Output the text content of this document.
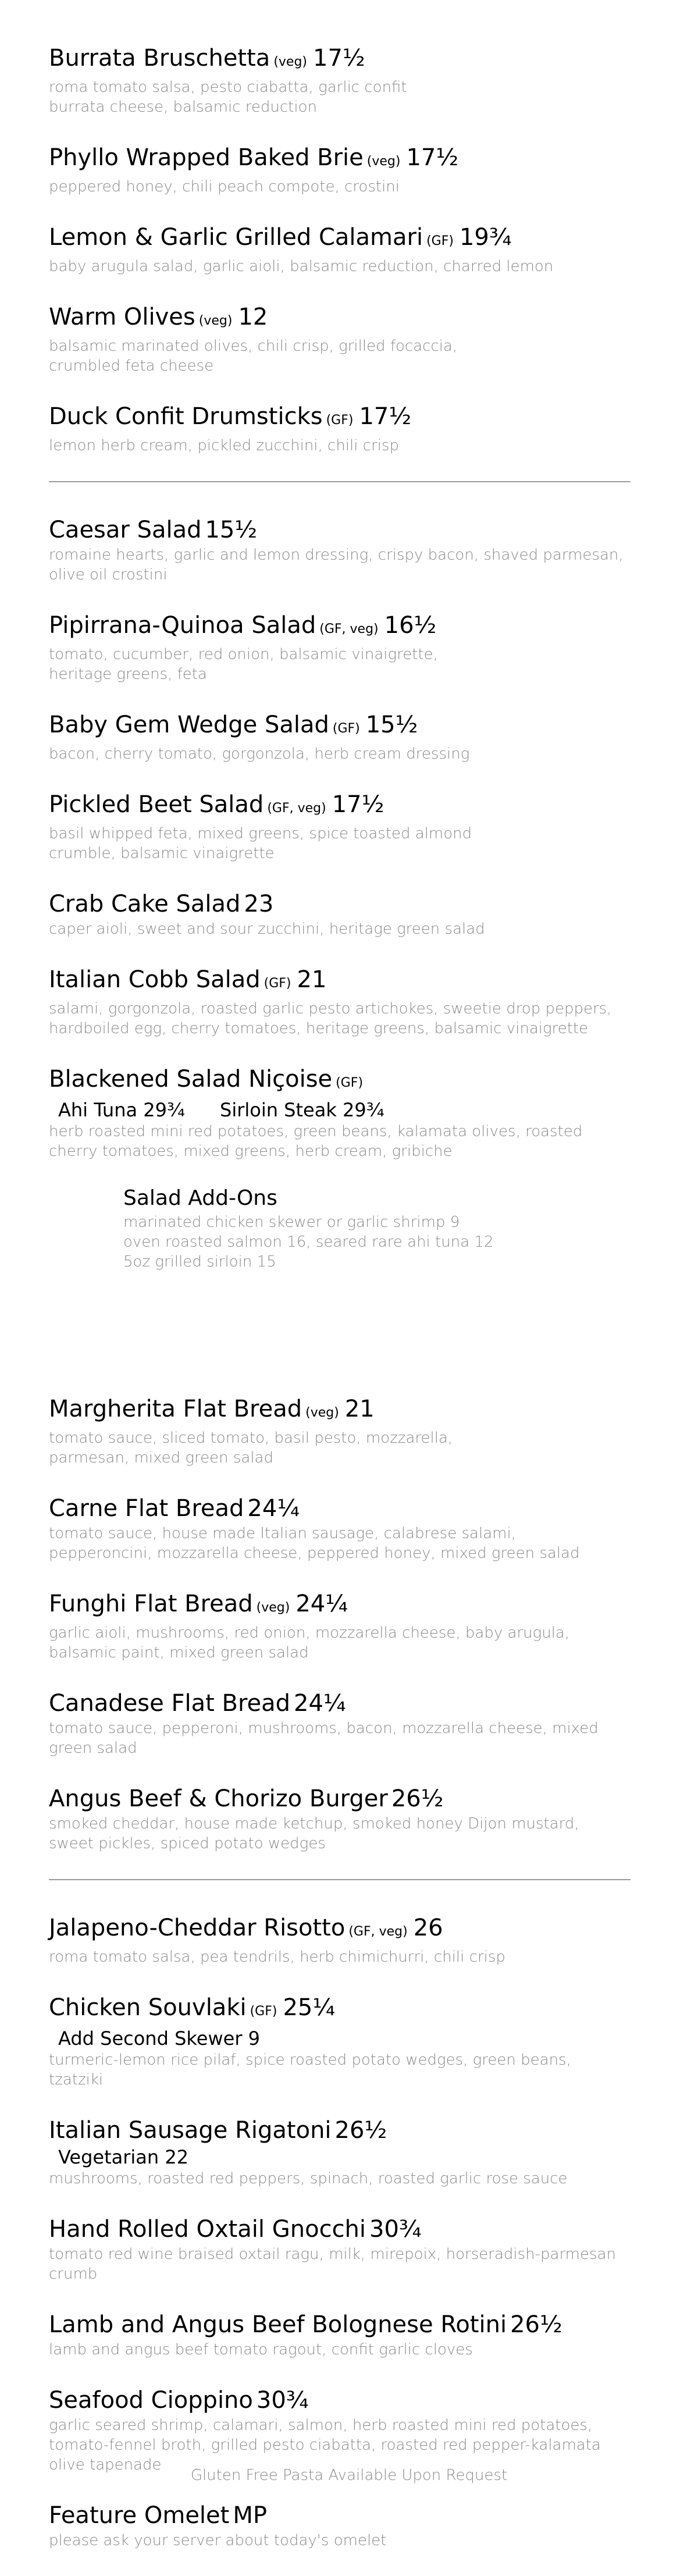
Burrata Bruschetta (veg) 17½
roma tomato salsa, pesto ciabatta, garlic confit
burrata cheese, balsamic reduction
Phyllo Wrapped Baked Brie (veg) 17½
peppered honey, chili peach compote, crostini
Lemon & Garlic Grilled Calamari (GF) 19¾
baby arugula salad, garlic aioli, balsamic reduction, charred lemon
Warm Olives (veg) 12
balsamic marinated olives, chili crisp, grilled focaccia,
crumbled feta cheese
Duck Confit Drumsticks (GF) 17½
lemon herb cream, pickled zucchini, chili crisp
Caesar Salad 15½
romaine hearts, garlic and lemon dressing, crispy bacon, shaved parmesan,
olive oil crostini
Pipirrana-Quinoa Salad (GF, veg) 16½
tomato, cucumber, red onion, balsamic vinaigrette,
heritage greens, feta
Baby Gem Wedge Salad (GF) 15½
bacon, cherry tomato, gorgonzola, herb cream dressing
Pickled Beet Salad (GF, veg) 17½
basil whipped feta, mixed greens, spice toasted almond
crumble, balsamic vinaigrette
Crab Cake Salad 23
caper aioli, sweet and sour zucchini, heritage green salad
Italian Cobb Salad (GF) 21
salami, gorgonzola, roasted garlic pesto artichokes, sweetie drop peppers,
hardboiled egg, cherry tomatoes, heritage greens, balsamic vinaigrette
Blackened Salad Niçoise (GF)
Ahi Tuna 29¾ Sirloin Steak 29¾
herb roasted mini red potatoes, green beans, kalamata olives, roasted
cherry tomatoes, mixed greens, herb cream, gribiche
Salad Add-Ons
marinated chicken skewer or garlic shrimp 9
oven roasted salmon 16, seared rare ahi tuna 12
5oz grilled sirloin 15
Margherita Flat Bread (veg) 21
tomato sauce, sliced tomato, basil pesto, mozzarella,
parmesan, mixed green salad
Carne Flat Bread 24¼
tomato sauce, house made Italian sausage, calabrese salami,
pepperoncini, mozzarella cheese, peppered honey, mixed green salad
Funghi Flat Bread (veg) 24¼
garlic aioli, mushrooms, red onion, mozzarella cheese, baby arugula,
balsamic paint, mixed green salad
Canadese Flat Bread 24¼
tomato sauce, pepperoni, mushrooms, bacon, mozzarella cheese, mixed
green salad
Angus Beef & Chorizo Burger 26½
smoked cheddar, house made ketchup, smoked honey Dijon mustard,
sweet pickles, spiced potato wedges
Jalapeno-Cheddar Risotto (GF, veg) 26
roma tomato salsa, pea tendrils, herb chimichurri, chili crisp
Chicken Souvlaki (GF) 25¼
Add Second Skewer 9
turmeric-lemon rice pilaf, spice roasted potato wedges, green beans,
tzatziki
Italian Sausage Rigatoni 26½
Vegetarian 22
mushrooms, roasted red peppers, spinach, roasted garlic rose sauce
Hand Rolled Oxtail Gnocchi 30¾
tomato red wine braised oxtail ragu, milk, mirepoix, horseradish-parmesan
crumb
Lamb and Angus Beef Bolognese Rotini 26½
lamb and angus beef tomato ragout, confit garlic cloves
Seafood Cioppino 30¾
garlic seared shrimp, calamari, salmon, herb roasted mini red potatoes,
tomato-fennel broth, grilled pesto ciabatta, roasted red pepper-kalamata
olive tapenade
Feature Omelet MP
please ask your server about today's omelet
Gluten Free Pasta Available Upon Request
